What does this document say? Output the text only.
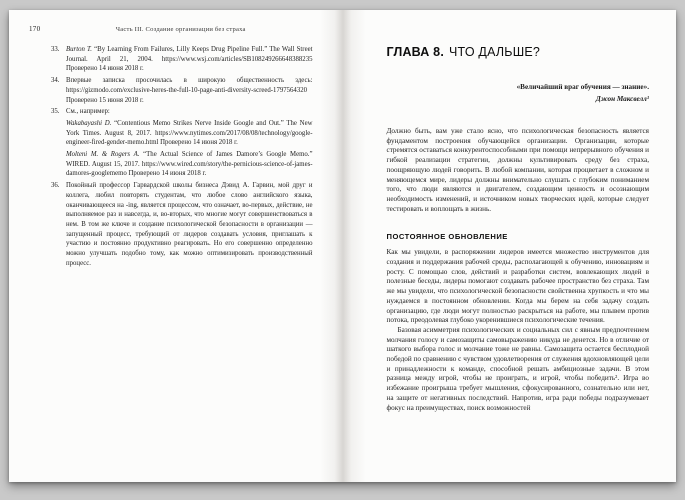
170	Часть III. Создание организации без страха
33. Burton T. “By Learning From Failures, Lilly Keeps Drug Pipeline Full.” The Wall Street Journal. April 21, 2004. https://www.wsj.com/articles/SB108249266648388235 Проверено 14 июня 2018 г.
34. Впервые записка просочилась в широкую общественность здесь: https://gizmodo.com/exclusive-heres-the-full-10-page-anti-diversity-screed-1797564320 Проверено 15 июня 2018 г.
35. См., например:
Wakabayashi D. “Contentious Memo Strikes Nerve Inside Google and Out.” The New York Times. August 8, 2017. https://www.nytimes.com/2017/08/08/technology/google-engineer-fired-gender-memo.html Проверено 14 июня 2018 г.
Molteni M. & Rogers A. “The Actual Science of James Damore’s Google Memo.” WIRED. August 15, 2017. https://www.wired.com/story/the-pernicious-science-of-james-damores-googlememo Проверено 14 июня 2018 г.
36. Покойный профессор Гарвардской школы бизнеса Дэвид А. Гарвин, мой друг и коллега, любил повторять студентам, что любое слово английского языка, оканчивающееся на -ing, является процессом, что означает, во-первых, действие, не выполняемое раз и навсегда, и, во-вторых, что многие могут совершенствоваться в нем. В том же ключе и создание психологической безопасности в организации — запущенный процесс, требующий от лидеров создавать условия, приглашать к участию и постоянно продуктивно реагировать. Но его совершенно определенно можно улучшать подобно тому, как можно оптимизировать производственный процесс.
ГЛАВА 8. ЧТО ДАЛЬШЕ?
«Величайший враг обучения — знание».
Джон Максвелл¹

Должно быть, вам уже стало ясно, что психологическая безопасность является фундаментом построения обучающейся организации. Организации, которые стремятся оставаться конкурентоспособными при помощи непрерывного обучения и гибкой реализации стратегии, должны культивировать среду без страха, поощряющую людей говорить. В любой компании, которая процветает в сложном и меняющемся мире, лидеры должны внимательно слушать с глубоким пониманием того, что люди являются и двигателем, создающим ценность и осознающим необходимость изменений, и источником новых творческих идей, которые следует тестировать и воплощать в жизнь.

ПОСТОЯННОЕ ОБНОВЛЕНИЕ

Как мы увидели, в распоряжении лидеров имеется множество инструментов для создания и поддержания рабочей среды, располагающей к обучению, инновациям и росту. С помощью слов, действий и разработки систем, вовлекающих людей в полезные беседы, лидеры помогают создавать рабочее пространство без страха. Там же мы увидели, что психологической безопасности свойственна хрупкость и что мы нуждаемся в постоянном обновлении. Когда мы берем на себя задачу создать организацию, где люди могут полностью раскрыться на работе, мы плывем против потока, преодолевая глубоко укоренившиеся психологические течения.

Базовая асимметрия психологических и социальных сил с явным предпочтением молчания голосу и самозащиты самовыражению никуда не денется. Но в отличие от шаткого выбора голос и молчание тоже не равны. Самозащита остается бесплодной победой по сравнению с чувством удовлетворения от служения вдохновляющей цели и принадлежности к команде, способной решать амбициозные задачи. В этом разница между игрой, чтобы не проиграть, и игрой, чтобы победить². Игра во избежание проигрыша требует мышления, сфокусированного, сознательно или нет, на защите от негативных последствий. Напротив, игра ради победы подразумевает фокус на преимуществах, поиск возможностей
